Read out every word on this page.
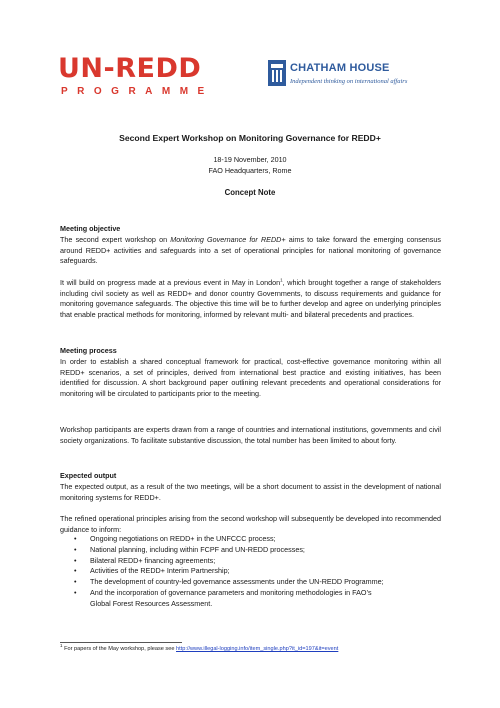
UN-REDD
PROGRAMME
CHATHAM HOUSE
Independent thinking on international affairs
Second Expert Workshop on Monitoring Governance for REDD+
18-19 November, 2010
FAO Headquarters, Rome
Concept Note
Meeting objective
The second expert workshop on Monitoring Governance for REDD+ aims to take forward the emerging consensus around REDD+ activities and safeguards into a set of operational principles for national monitoring of governance safeguards.
It will build on progress made at a previous event in May in London$^1$, which brought together a range of stakeholders including civil society as well as REDD+ and donor country Governments, to discuss requirements and guidance for monitoring governance safeguards. The objective this time will be to further develop and agree on underlying principles that enable practical methods for monitoring, informed by relevant multi- and bilateral precedents and practices.
Meeting process
In order to establish a shared conceptual framework for practical, cost-effective governance monitoring within all REDD+ scenarios, a set of principles, derived from international best practice and existing initiatives, has been identified for discussion. A short background paper outlining relevant precedents and operational considerations for monitoring will be circulated to participants prior to the meeting.
Workshop participants are experts drawn from a range of countries and international institutions, governments and civil society organizations. To facilitate substantive discussion, the total number has been limited to about forty.
Expected output
The expected output, as a result of the two meetings, will be a short document to assist in the development of national monitoring systems for REDD+.
The refined operational principles arising from the second workshop will subsequently be developed into recommended guidance to inform:
• Ongoing negotiations on REDD+ in the UNFCCC process;
• National planning, including within FCPF and UN-REDD processes;
• Bilateral REDD+ financing agreements;
• Activities of the REDD+ Interim Partnership;
• The development of country-led governance assessments under the UN-REDD Programme;
• And the incorporation of governance parameters and monitoring methodologies in FAO’s
Global Forest Resources Assessment.
$^1$ For papers of the May workshop, please see http://www.illegal-logging.info/item_single.php?it_id=197&it=event
